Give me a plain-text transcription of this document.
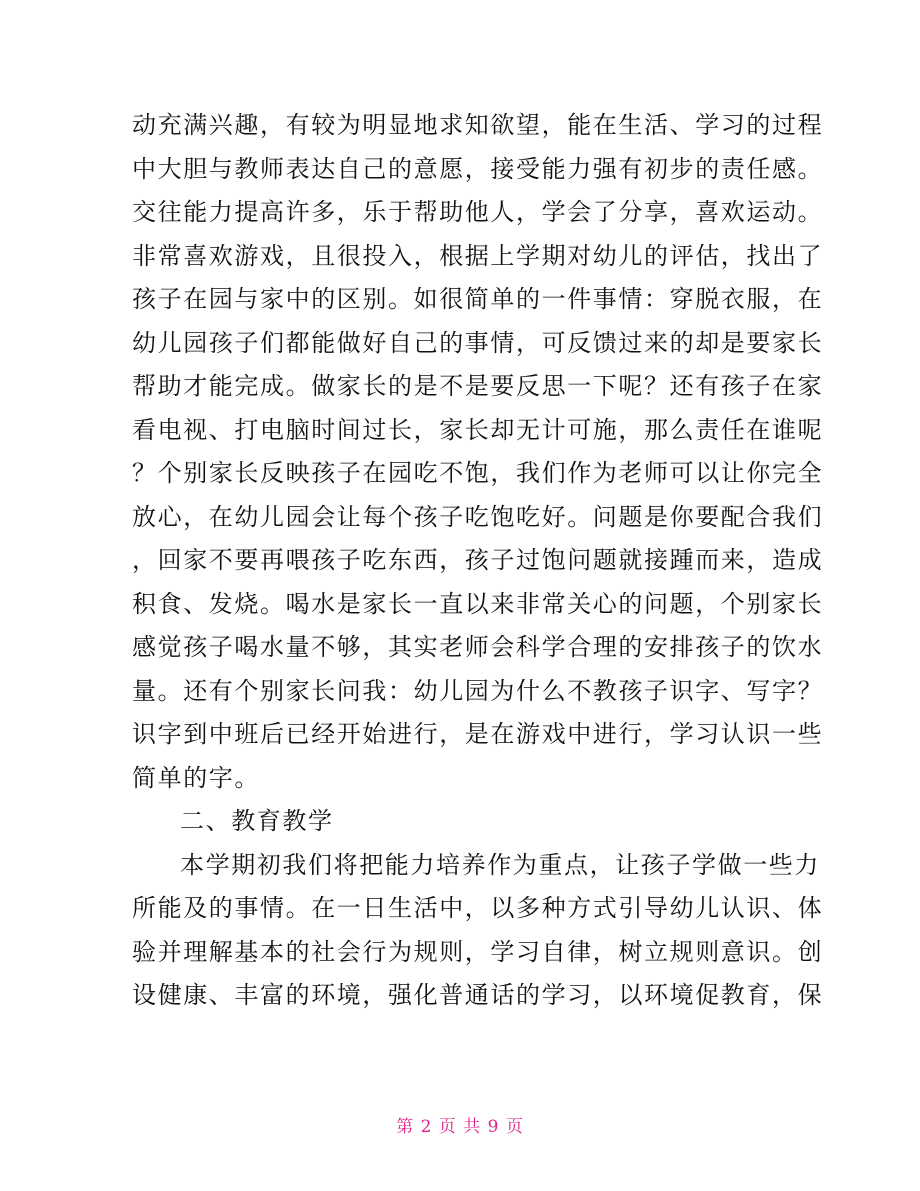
动充满兴趣，有较为明显地求知欲望，能在生活、学习的过程
中大胆与教师表达自己的意愿，接受能力强有初步的责任感。
交往能力提高许多，乐于帮助他人，学会了分享，喜欢运动。
非常喜欢游戏，且很投入，根据上学期对幼儿的评估，找出了
孩子在园与家中的区别。如很简单的一件事情：穿脱衣服，在
幼儿园孩子们都能做好自己的事情，可反馈过来的却是要家长
帮助才能完成。做家长的是不是要反思一下呢？还有孩子在家
看电视、打电脑时间过长，家长却无计可施，那么责任在谁呢
？个别家长反映孩子在园吃不饱，我们作为老师可以让你完全
放心，在幼儿园会让每个孩子吃饱吃好。问题是你要配合我们
，回家不要再喂孩子吃东西，孩子过饱问题就接踵而来，造成
积食、发烧。喝水是家长一直以来非常关心的问题，个别家长
感觉孩子喝水量不够，其实老师会科学合理的安排孩子的饮水
量。还有个别家长问我：幼儿园为什么不教孩子识字、写字？
识字到中班后已经开始进行，是在游戏中进行，学习认识一些
简单的字。
二、教育教学
本学期初我们将把能力培养作为重点，让孩子学做一些力
所能及的事情。在一日生活中，以多种方式引导幼儿认识、体
验并理解基本的社会行为规则，学习自律，树立规则意识。创
设健康、丰富的环境，强化普通话的学习，以环境促教育，保
第 2 页 共 9 页
